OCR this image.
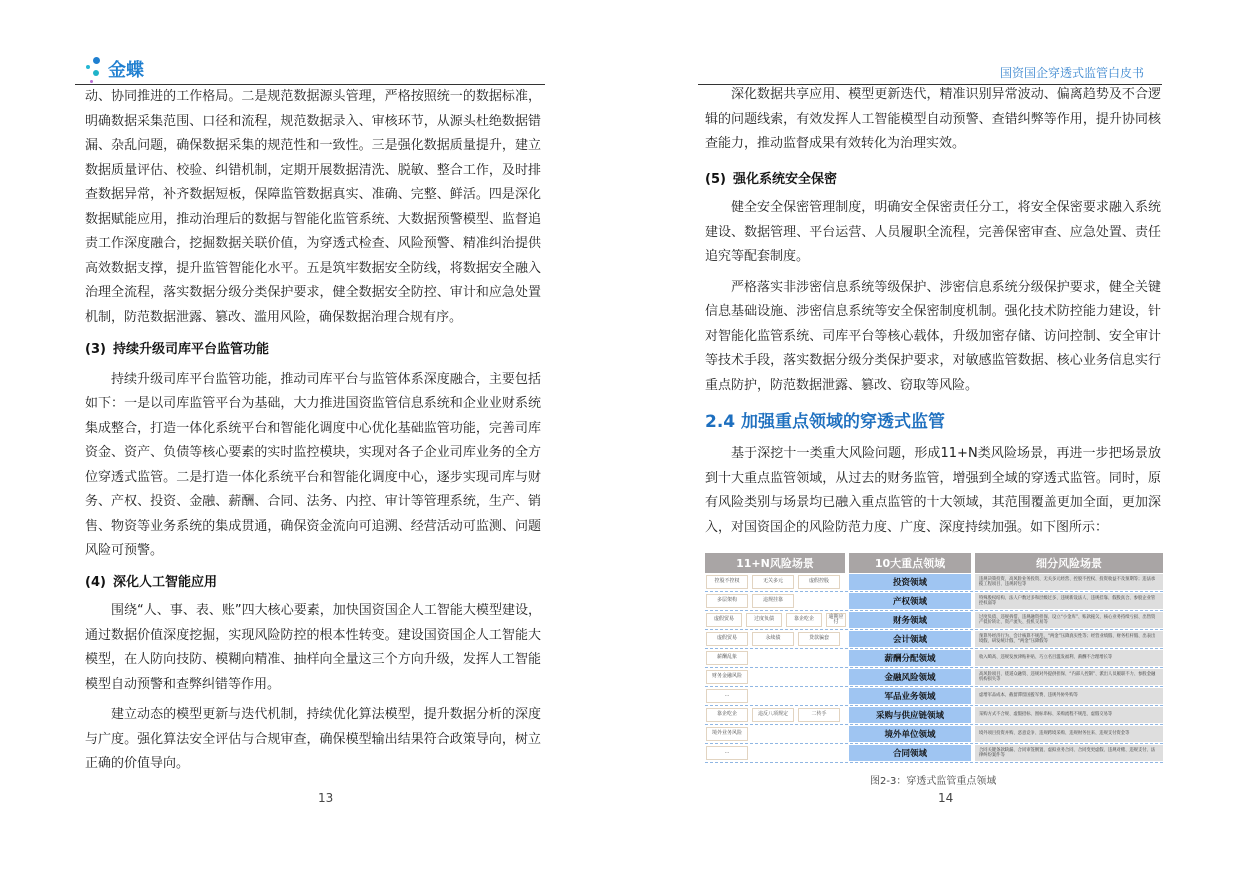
金蝶	国资国企穿透式监管白皮书

动、协同推进的工作格局。二是规范数据源头管理，严格按照统一的数据标准，明确数据采集范围、口径和流程，规范数据录入、审核环节，从源头杜绝数据错漏、杂乱问题，确保数据采集的规范性和一致性。三是强化数据质量提升，建立数据质量评估、校验、纠错机制，定期开展数据清洗、脱敏、整合工作，及时排查数据异常，补齐数据短板，保障监管数据真实、准确、完整、鲜活。四是深化数据赋能应用，推动治理后的数据与智能化监管系统、大数据预警模型、监督追责工作深度融合，挖掘数据关联价值，为穿透式检查、风险预警、精准纠治提供高效数据支撑，提升监管智能化水平。五是筑牢数据安全防线，将数据安全融入治理全流程，落实数据分级分类保护要求，健全数据安全防控、审计和应急处置机制，防范数据泄露、篡改、滥用风险，确保数据治理合规有序。

(3) 持续升级司库平台监管功能

持续升级司库平台监管功能，推动司库平台与监管体系深度融合，主要包括如下：一是以司库监管平台为基础，大力推进国资监管信息系统和企业业财系统集成整合，打造一体化系统平台和智能化调度中心优化基础监管功能，完善司库资金、资产、负债等核心要素的实时监控模块，实现对各子企业司库业务的全方位穿透式监管。二是打造一体化系统平台和智能化调度中心，逐步实现司库与财务、产权、投资、金融、薪酬、合同、法务、内控、审计等管理系统，生产、销售、物资等业务系统的集成贯通，确保资金流向可追溯、经营活动可监测、问题风险可预警。

(4) 深化人工智能应用

围绕“人、事、表、账”四大核心要素，加快国资国企人工智能大模型建设，通过数据价值深度挖掘，实现风险防控的根本性转变。建设国资国企人工智能大模型，在人防向技防、模糊向精准、抽样向全量这三个方向升级，发挥人工智能模型自动预警和查弊纠错等作用。

建立动态的模型更新与迭代机制，持续优化算法模型，提升数据分析的深度与广度。强化算法安全评估与合规审查，确保模型输出结果符合政策导向，树立正确的价值导向。

13

深化数据共享应用、模型更新迭代，精准识别异常波动、偏离趋势及不合逻辑的问题线索，有效发挥人工智能模型自动预警、查错纠弊等作用，提升协同核查能力，推动监督成果有效转化为治理实效。

(5) 强化系统安全保密

健全安全保密管理制度，明确安全保密责任分工，将安全保密要求融入系统建设、数据管理、平台运营、人员履职全流程，完善保密审查、应急处置、责任追究等配套制度。

严格落实非涉密信息系统等级保护、涉密信息系统分级保护要求，健全关键信息基础设施、涉密信息系统等安全保密制度机制。强化技术防控能力建设，针对智能化监管系统、司库平台等核心载体，升级加密存储、访问控制、安全审计等技术手段，落实数据分级分类保护要求，对敏感监管数据、核心业务信息实行重点防护，防范数据泄露、篡改、窃取等风险。

2.4 加强重点领域的穿透式监管

基于深挖十一类重大风险问题，形成11+N类风险场景，再进一步把场景放到十大重点监管领域，从过去的财务监管，增强到全域的穿透式监管。同时，原有风险类别与场景均已融入重点监管的十大领域，其范围覆盖更加全面，更加深入，对国资国企的风险防范力度、广度、深度持续加强。如下图所示：

11+N风险场景	10大重点领域	细分风险场景
控股不控权	无关多元	虚假控股	投资领域	违规决策投资、高风险业务投资、无关多元经营、控股不控权、投资收益不及预期等；违法承揽工程项目、违规转包等
多层架构	违规挂靠	产权领域	特殊股权结构、法人户数过多和层级过多、违规新设法人、违规挂靠、假股真合、参股企业管控权弱等
虚假贸易	过度负债	靠企吃企	逾期应付	财务领域	过度负债、违规拆借、违规融资担保、设立“小金库”、账款拖欠、核心业务持续亏损、出售资产低价转让、资产流失、投机交易等
虚假贸易	永续债	贷款骗套	会计领域	预算外经济行为、会计核算不规范、“两金”压降真实性等；经营业绩假、财务杠杆假、出表出境假、研发统计假、“两金”压降假等
薪酬乱象	薪酬分配领域	收入畸高、违规发放津贴补贴、巧立名目滥发福利、薪酬不合理增长等
财务金融风险	金融风险领域	高风险项目、绕道众融资、违规对外提供担保、“内部人控制”、派出人员履职不力、参股金融机构损失等
…	军品业务领域	虚增军品成本、截留滞留国拨军费、违规外协外购等
靠企吃企	违反八项规定	二传手	采购与供应链领域	采购方式不合规、虚假招标、围标串标、采购流程不规范、虚假交易等
境外业务风险	境外单位领域	境外项目投资并购、恶意竞争、违规跨境采购、违规财务往来、违规支付资金等
…	合同领域	合同关键条款缺漏、合同审签倒置、虚拟业务合同、合同变更虚假、违规对赌、违规支付、法律纠纷案件等
图2-3：穿透式监管重点领域
14
